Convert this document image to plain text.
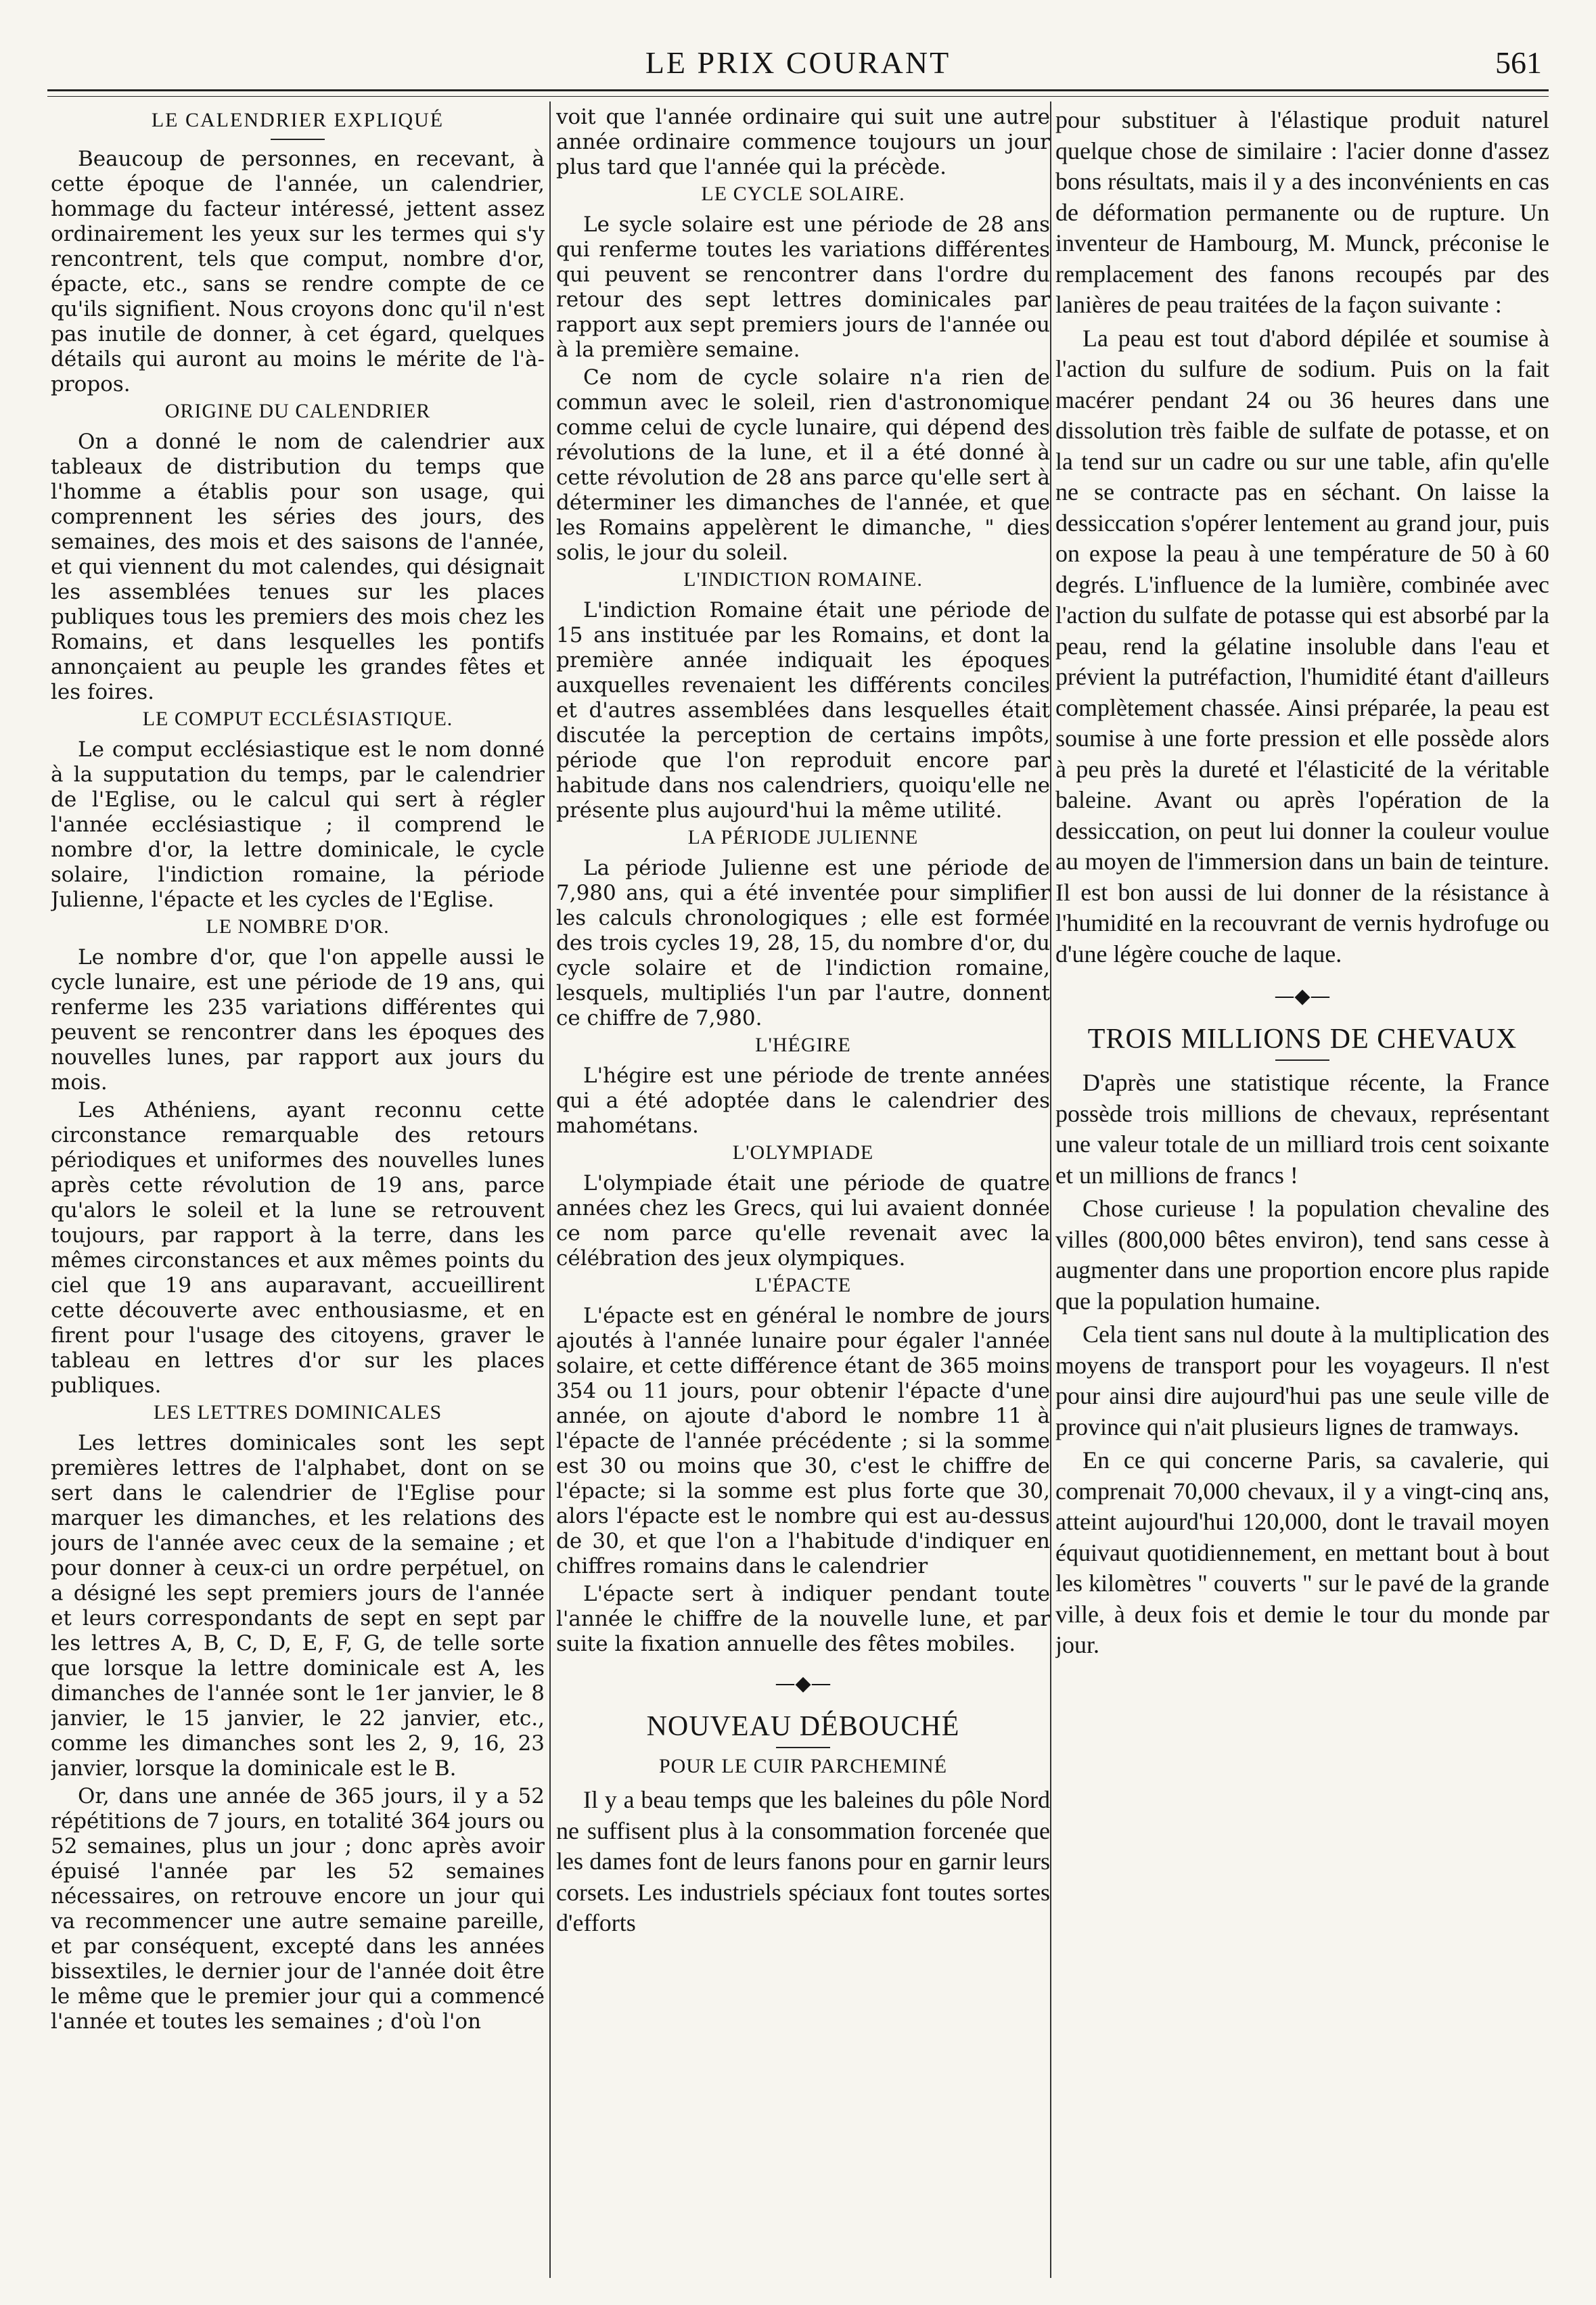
LE PRIX COURANT	561
LE CALENDRIER EXPLIQUÉ

Beaucoup de personnes, en recevant, à cette époque de l'année, un calendrier, hommage du facteur intéressé, jettent assez ordinairement les yeux sur les termes qui s'y rencontrent, tels que comput, nombre d'or, épacte, etc., sans se rendre compte de ce qu'ils signifient. Nous croyons donc qu'il n'est pas inutile de donner, à cet égard, quelques détails qui auront au moins le mérite de l'à-propos.

ORIGINE DU CALENDRIER

On a donné le nom de calendrier aux tableaux de distribution du temps que l'homme a établis pour son usage, qui comprennent les séries des jours, des semaines, des mois et des saisons de l'année, et qui viennent du mot calendes, qui désignait les assemblées tenues sur les places publiques tous les premiers des mois chez les Romains, et dans lesquelles les pontifs annonçaient au peuple les grandes fêtes et les foires.

LE COMPUT ECCLÉSIASTIQUE.

Le comput ecclésiastique est le nom donné à la supputation du temps, par le calendrier de l'Eglise, ou le calcul qui sert à régler l'année ecclésiastique ; il comprend le nombre d'or, la lettre dominicale, le cycle solaire, l'indiction romaine, la période Julienne, l'épacte et les cycles de l'Eglise.

LE NOMBRE D'OR.

Le nombre d'or, que l'on appelle aussi le cycle lunaire, est une période de 19 ans, qui renferme les 235 variations différentes qui peuvent se rencontrer dans les époques des nouvelles lunes, par rapport aux jours du mois.

Les Athéniens, ayant reconnu cette circonstance remarquable des retours périodiques et uniformes des nouvelles lunes après cette révolution de 19 ans, parce qu'alors le soleil et la lune se retrouvent toujours, par rapport à la terre, dans les mêmes circonstances et aux mêmes points du ciel que 19 ans auparavant, accueillirent cette découverte avec enthousiasme, et en firent pour l'usage des citoyens, graver le tableau en lettres d'or sur les places publiques.

LES LETTRES DOMINICALES

Les lettres dominicales sont les sept premières lettres de l'alphabet, dont on se sert dans le calendrier de l'Eglise pour marquer les dimanches, et les relations des jours de l'année avec ceux de la semaine ; et pour donner à ceux-ci un ordre perpétuel, on a désigné les sept premiers jours de l'année et leurs correspondants de sept en sept par les lettres A, B, C, D, E, F, G, de telle sorte que lorsque la lettre dominicale est A, les dimanches de l'année sont le 1er janvier, le 8 janvier, le 15 janvier, le 22 janvier, etc., comme les dimanches sont les 2, 9, 16, 23 janvier, lorsque la dominicale est le B.

Or, dans une année de 365 jours, il y a 52 répétitions de 7 jours, en totalité 364 jours ou 52 semaines, plus un jour ; donc après avoir épuisé l'année par les 52 semaines nécessaires, on retrouve encore un jour qui va recommencer une autre semaine pareille, et par conséquent, excepté dans les années bissextiles, le dernier jour de l'année doit être le même que le premier jour qui a commencé l'année et toutes les semaines ; d'où l'on

voit que l'année ordinaire qui suit une autre année ordinaire commence toujours un jour plus tard que l'année qui la précède.

LE CYCLE SOLAIRE.

Le sycle solaire est une période de 28 ans qui renferme toutes les variations différentes qui peuvent se rencontrer dans l'ordre du retour des sept lettres dominicales par rapport aux sept premiers jours de l'année ou à la première semaine.

Ce nom de cycle solaire n'a rien de commun avec le soleil, rien d'astronomique comme celui de cycle lunaire, qui dépend des révolutions de la lune, et il a été donné à cette révolution de 28 ans parce qu'elle sert à déterminer les dimanches de l'année, et que les Romains appelèrent le dimanche, " dies solis, le jour du soleil.

L'INDICTION ROMAINE.

L'indiction Romaine était une période de 15 ans instituée par les Romains, et dont la première année indiquait les époques auxquelles revenaient les différents conciles et d'autres assemblées dans lesquelles était discutée la perception de certains impôts, période que l'on reproduit encore par habitude dans nos calendriers, quoiqu'elle ne présente plus aujourd'hui la même utilité.

LA PÉRIODE JULIENNE

La période Julienne est une période de 7,980 ans, qui a été inventée pour simplifier les calculs chronologiques ; elle est formée des trois cycles 19, 28, 15, du nombre d'or, du cycle solaire et de l'indiction romaine, lesquels, multipliés l'un par l'autre, donnent ce chiffre de 7,980.

L'HÉGIRE

L'hégire est une période de trente années qui a été adoptée dans le calendrier des mahométans.

L'OLYMPIADE

L'olympiade était une période de quatre années chez les Grecs, qui lui avaient donnée ce nom parce qu'elle revenait avec la célébration des jeux olympiques.

L'ÉPACTE

L'épacte est en général le nombre de jours ajoutés à l'année lunaire pour égaler l'année solaire, et cette différence étant de 365 moins 354 ou 11 jours, pour obtenir l'épacte d'une année, on ajoute d'abord le nombre 11 à l'épacte de l'année précédente ; si la somme est 30 ou moins que 30, c'est le chiffre de l'épacte; si la somme est plus forte que 30, alors l'épacte est le nombre qui est au-dessus de 30, et que l'on a l'habitude d'indiquer en chiffres romains dans le calendrier

L'épacte sert à indiquer pendant toute l'année le chiffre de la nouvelle lune, et par suite la fixation annuelle des fêtes mobiles.

—◆—
NOUVEAU DÉBOUCHÉ
POUR LE CUIR PARCHEMINÉ

Il y a beau temps que les baleines du pôle Nord ne suffisent plus à la consommation forcenée que les dames font de leurs fanons pour en garnir leurs corsets. Les industriels spéciaux font toutes sortes d'efforts

pour substituer à l'élastique produit naturel quelque chose de similaire : l'acier donne d'assez bons résultats, mais il y a des inconvénients en cas de déformation permanente ou de rupture. Un inventeur de Hambourg, M. Munck, préconise le remplacement des fanons recoupés par des lanières de peau traitées de la façon suivante :

La peau est tout d'abord dépilée et soumise à l'action du sulfure de sodium. Puis on la fait macérer pendant 24 ou 36 heures dans une dissolution très faible de sulfate de potasse, et on la tend sur un cadre ou sur une table, afin qu'elle ne se contracte pas en séchant. On laisse la dessiccation s'opérer lentement au grand jour, puis on expose la peau à une température de 50 à 60 degrés. L'influence de la lumière, combinée avec l'action du sulfate de potasse qui est absorbé par la peau, rend la gélatine insoluble dans l'eau et prévient la putréfaction, l'humidité étant d'ailleurs complètement chassée. Ainsi préparée, la peau est soumise à une forte pression et elle possède alors à peu près la dureté et l'élasticité de la véritable baleine. Avant ou après l'opération de la dessiccation, on peut lui donner la couleur voulue au moyen de l'immersion dans un bain de teinture. Il est bon aussi de lui donner de la résistance à l'humidité en la recouvrant de vernis hydrofuge ou d'une légère couche de laque.

—◆—
TROIS MILLIONS DE CHEVAUX

D'après une statistique récente, la France possède trois millions de chevaux, représentant une valeur totale de un milliard trois cent soixante et un millions de francs !

Chose curieuse ! la population chevaline des villes (800,000 bêtes environ), tend sans cesse à augmenter dans une proportion encore plus rapide que la population humaine.

Cela tient sans nul doute à la multiplication des moyens de transport pour les voyageurs. Il n'est pour ainsi dire aujourd'hui pas une seule ville de province qui n'ait plusieurs lignes de tramways.

En ce qui concerne Paris, sa cavalerie, qui comprenait 70,000 chevaux, il y a vingt-cinq ans, atteint aujourd'hui 120,000, dont le travail moyen équivaut quotidiennement, en mettant bout à bout les kilomètres " couverts " sur le pavé de la grande ville, à deux fois et demie le tour du monde par jour.
